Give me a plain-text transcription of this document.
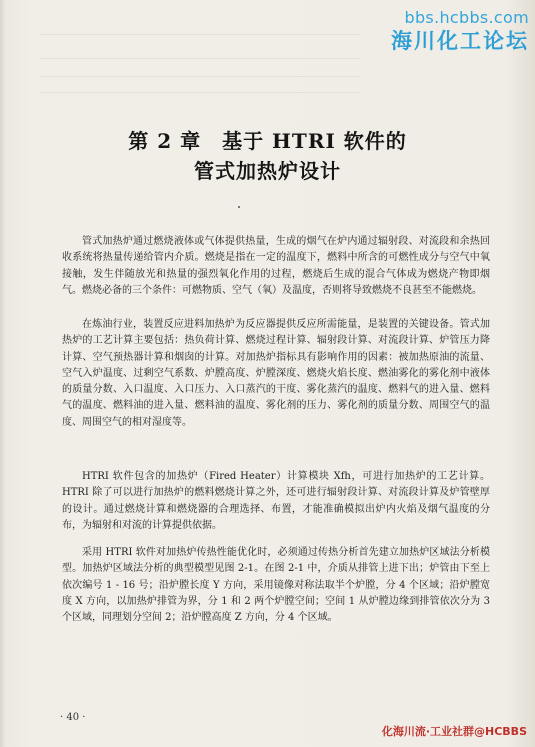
bbs.hcbbs.com
海川化工论坛
第 2 章　基于 HTRI 软件的
管式加热炉设计

管式加热炉通过燃烧液体或气体提供热量，生成的烟气在炉内通过辐射段、对流段和余热回收系统将热量传递给管内介质。燃烧是指在一定的温度下，燃料中所含的可燃性成分与空气中氧接触，发生伴随放光和热量的强烈氧化作用的过程，燃烧后生成的混合气体成为燃烧产物即烟气。燃烧必备的三个条件：可燃物质、空气（氧）及温度，否则将导致燃烧不良甚至不能燃烧。

在炼油行业，装置反应进料加热炉为反应器提供反应所需能量，是装置的关键设备。管式加热炉的工艺计算主要包括：热负荷计算、燃烧过程计算、辐射段计算、对流段计算、炉管压力降计算、空气预热器计算和烟囱的计算。对加热炉指标具有影响作用的因素：被加热原油的流量、空气入炉温度、过剩空气系数、炉膛高度、炉膛深度、燃烧火焰长度、燃油雾化的雾化剂中液体的质量分数、入口温度、入口压力、入口蒸汽的干度、雾化蒸汽的温度、燃料气的进入量、燃料气的温度、燃料油的进入量、燃料油的温度、雾化剂的压力、雾化剂的质量分数、周围空气的温度、周围空气的相对湿度等。

HTRI 软件包含的加热炉（Fired Heater）计算模块 Xfh，可进行加热炉的工艺计算。HTRI 除了可以进行加热炉的燃料燃烧计算之外，还可进行辐射段计算、对流段计算及炉管壁厚的设计。通过燃烧计算和燃烧器的合理选择、布置，才能准确模拟出炉内火焰及烟气温度的分布，为辐射和对流的计算提供依据。

采用 HTRI 软件对加热炉传热性能优化时，必须通过传热分析首先建立加热炉区域法分析模型。加热炉区域法分析的典型模型见图 2-1。在图 2-1 中，介质从排管上进下出；炉管由下至上依次编号 1 - 16 号；沿炉膛长度 Y 方向，采用镜像对称法取半个炉膛，分 4 个区域；沿炉膛宽度 X 方向，以加热炉排管为界，分 1 和 2 两个炉膛空间；空间 1 从炉膛边缘到排管依次分为 3 个区域，同理划分空间 2；沿炉膛高度 Z 方向，分 4 个区域。

· 40 ·
化海川流·工业社群@HCBBS
